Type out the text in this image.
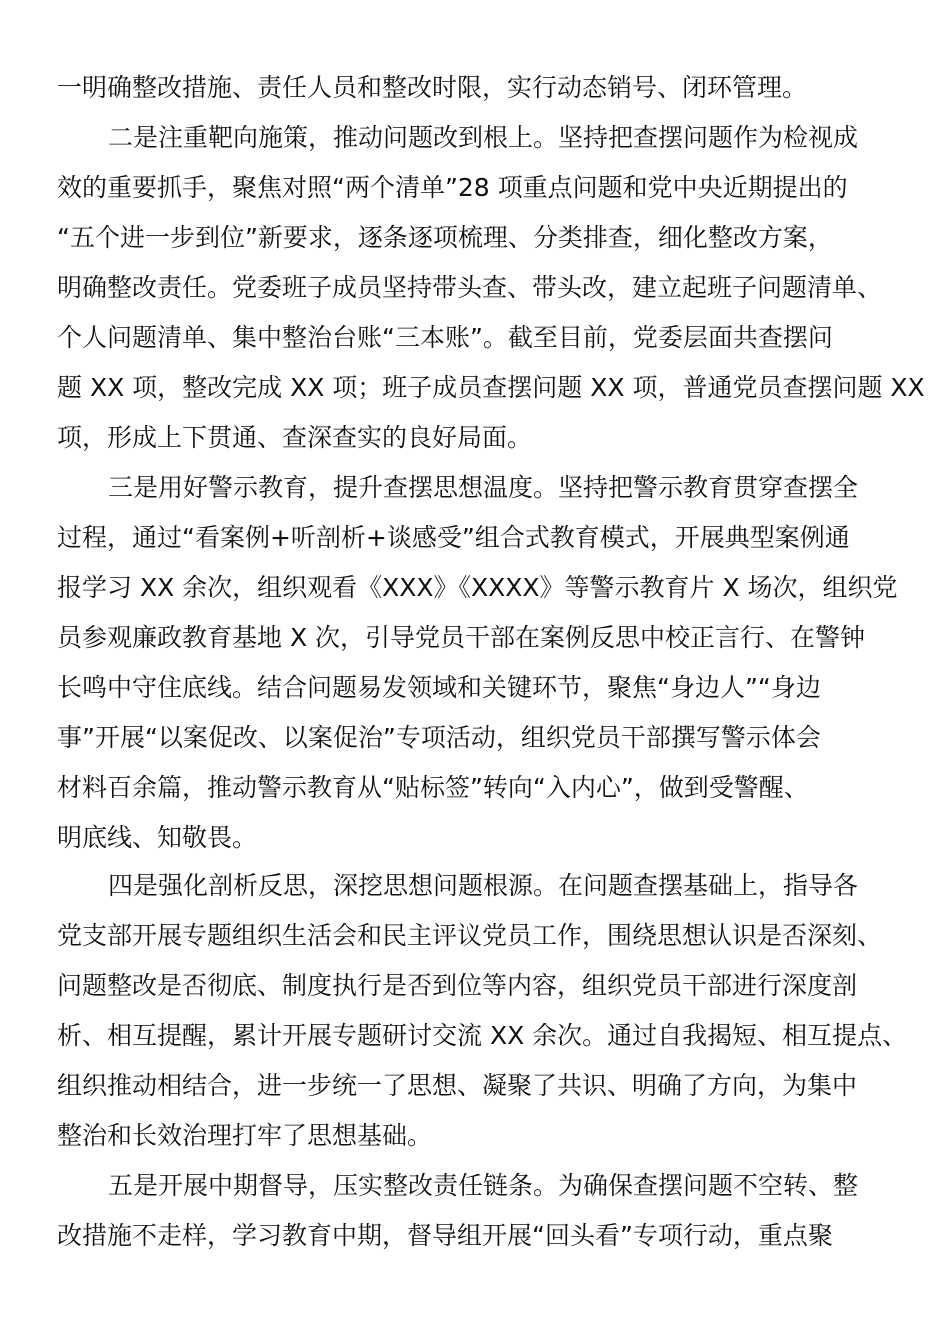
一明确整改措施、责任人员和整改时限，实行动态销号、闭环管理。
二是注重靶向施策，推动问题改到根上。坚持把查摆问题作为检视成
效的重要抓手，聚焦对照“两个清单”28 项重点问题和党中央近期提出的
“五个进一步到位”新要求，逐条逐项梳理、分类排查，细化整改方案，
明确整改责任。党委班子成员坚持带头查、带头改，建立起班子问题清单、
个人问题清单、集中整治台账“三本账”。截至目前，党委层面共查摆问
题 XX 项，整改完成 XX 项；班子成员查摆问题 XX 项，普通党员查摆问题 XX
项，形成上下贯通、查深查实的良好局面。
三是用好警示教育，提升查摆思想温度。坚持把警示教育贯穿查摆全
过程，通过“看案例+听剖析+谈感受”组合式教育模式，开展典型案例通
报学习 XX 余次，组织观看《XXX》《XXXX》等警示教育片 X 场次，组织党
员参观廉政教育基地 X 次，引导党员干部在案例反思中校正言行、在警钟
长鸣中守住底线。结合问题易发领域和关键环节，聚焦“身边人”“身边
事”开展“以案促改、以案促治”专项活动，组织党员干部撰写警示体会
材料百余篇，推动警示教育从“贴标签”转向“入内心”，做到受警醒、
明底线、知敬畏。
四是强化剖析反思，深挖思想问题根源。在问题查摆基础上，指导各
党支部开展专题组织生活会和民主评议党员工作，围绕思想认识是否深刻、
问题整改是否彻底、制度执行是否到位等内容，组织党员干部进行深度剖
析、相互提醒，累计开展专题研讨交流 XX 余次。通过自我揭短、相互提点、
组织推动相结合，进一步统一了思想、凝聚了共识、明确了方向，为集中
整治和长效治理打牢了思想基础。
五是开展中期督导，压实整改责任链条。为确保查摆问题不空转、整
改措施不走样，学习教育中期，督导组开展“回头看”专项行动，重点聚
